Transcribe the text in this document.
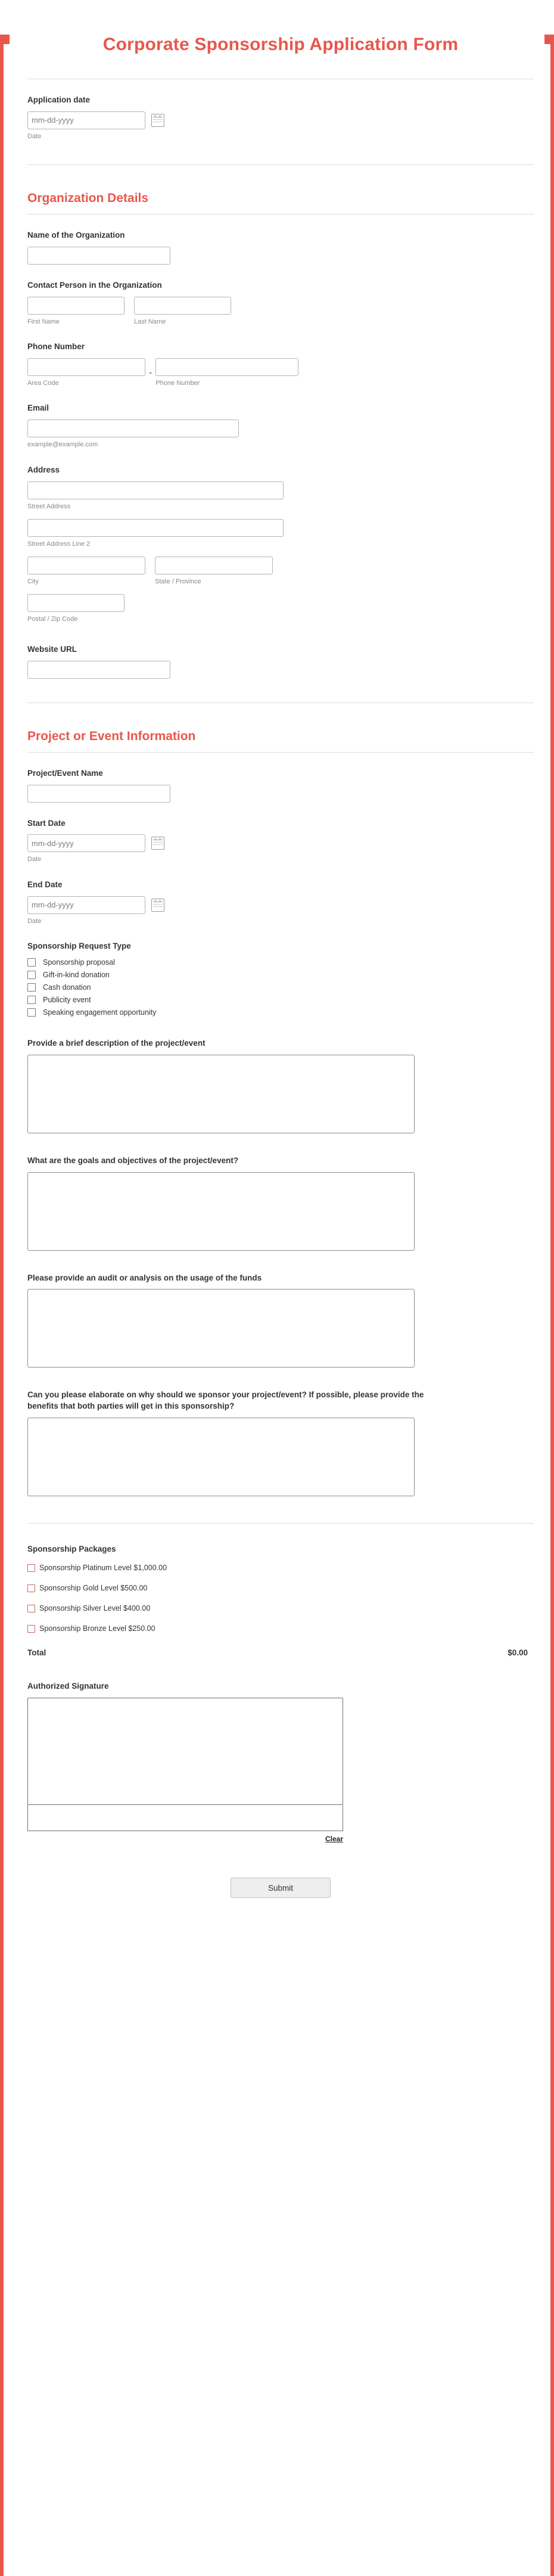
Corporate Sponsorship Application Form
Application date
mm-dd-yyyy
Date
Organization Details
Name of the Organization
Contact Person in the Organization
First Name	Last Name
Phone Number
Area Code
-
Phone Number
Email
example@example.com
Address
Street Address
Street Address Line 2
City	State / Province
Postal / Zip Code
Website URL
Project or Event Information
Project/Event Name
Start Date
mm-dd-yyyy
Date
End Date
mm-dd-yyyy
Date
Sponsorship Request Type
Sponsorship proposal
Gift-in-kind donation
Cash donation
Publicity event
Speaking engagement opportunity
Provide a brief description of the project/event
What are the goals and objectives of the project/event?
Please provide an audit or analysis on the usage of the funds
Can you please elaborate on why should we sponsor your project/event? If possible, please provide the benefits that both parties will get in this sponsorship?
Sponsorship Packages
Sponsorship Platinum Level $1,000.00
Sponsorship Gold Level $500.00
Sponsorship Silver Level $400.00
Sponsorship Bronze Level $250.00
Total	$0.00
Authorized Signature
Clear
Submit
